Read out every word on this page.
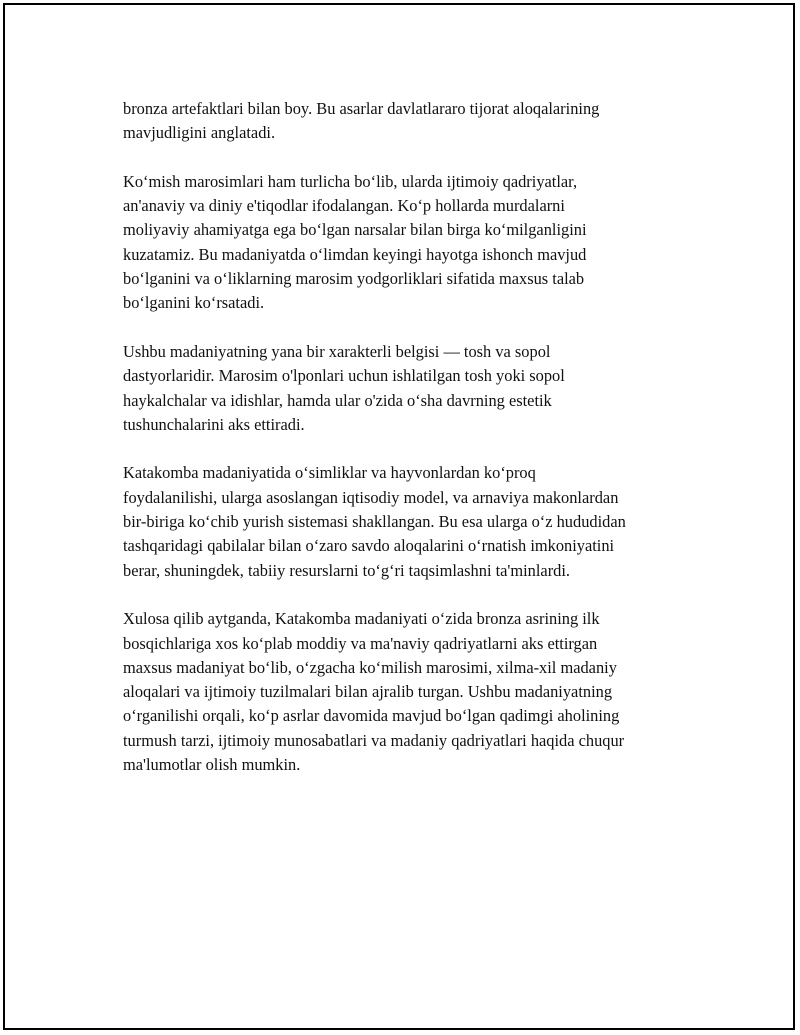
bronza artefaktlari bilan boy. Bu asarlar davlatlararo tijorat aloqalarining
mavjudligini anglatadi.

Ko‘mish marosimlari ham turlicha bo‘lib, ularda ijtimoiy qadriyatlar,
an'anaviy va diniy e'tiqodlar ifodalangan. Ko‘p hollarda murdalarni
moliyaviy ahamiyatga ega bo‘lgan narsalar bilan birga ko‘milganligini
kuzatamiz. Bu madaniyatda o‘limdan keyingi hayotga ishonch mavjud
bo‘lganini va o‘liklarning marosim yodgorliklari sifatida maxsus talab
bo‘lganini ko‘rsatadi.

Ushbu madaniyatning yana bir xarakterli belgisi — tosh va sopol
dastyorlaridir. Marosim o'lponlari uchun ishlatilgan tosh yoki sopol
haykalchalar va idishlar, hamda ular o'zida o‘sha davrning estetik
tushunchalarini aks ettiradi.

Katakomba madaniyatida o‘simliklar va hayvonlardan ko‘proq
foydalanilishi, ularga asoslangan iqtisodiy model, va arnaviya makonlardan
bir-biriga ko‘chib yurish sistemasi shakllangan. Bu esa ularga o‘z hududidan
tashqaridagi qabilalar bilan o‘zaro savdo aloqalarini o‘rnatish imkoniyatini
berar, shuningdek, tabiiy resurslarni to‘g‘ri taqsimlashni ta'minlardi.

Xulosa qilib aytganda, Katakomba madaniyati o‘zida bronza asrining ilk
bosqichlariga xos ko‘plab moddiy va ma'naviy qadriyatlarni aks ettirgan
maxsus madaniyat bo‘lib, o‘zgacha ko‘milish marosimi, xilma-xil madaniy
aloqalari va ijtimoiy tuzilmalari bilan ajralib turgan. Ushbu madaniyatning
o‘rganilishi orqali, ko‘p asrlar davomida mavjud bo‘lgan qadimgi aholining
turmush tarzi, ijtimoiy munosabatlari va madaniy qadriyatlari haqida chuqur
ma'lumotlar olish mumkin.
